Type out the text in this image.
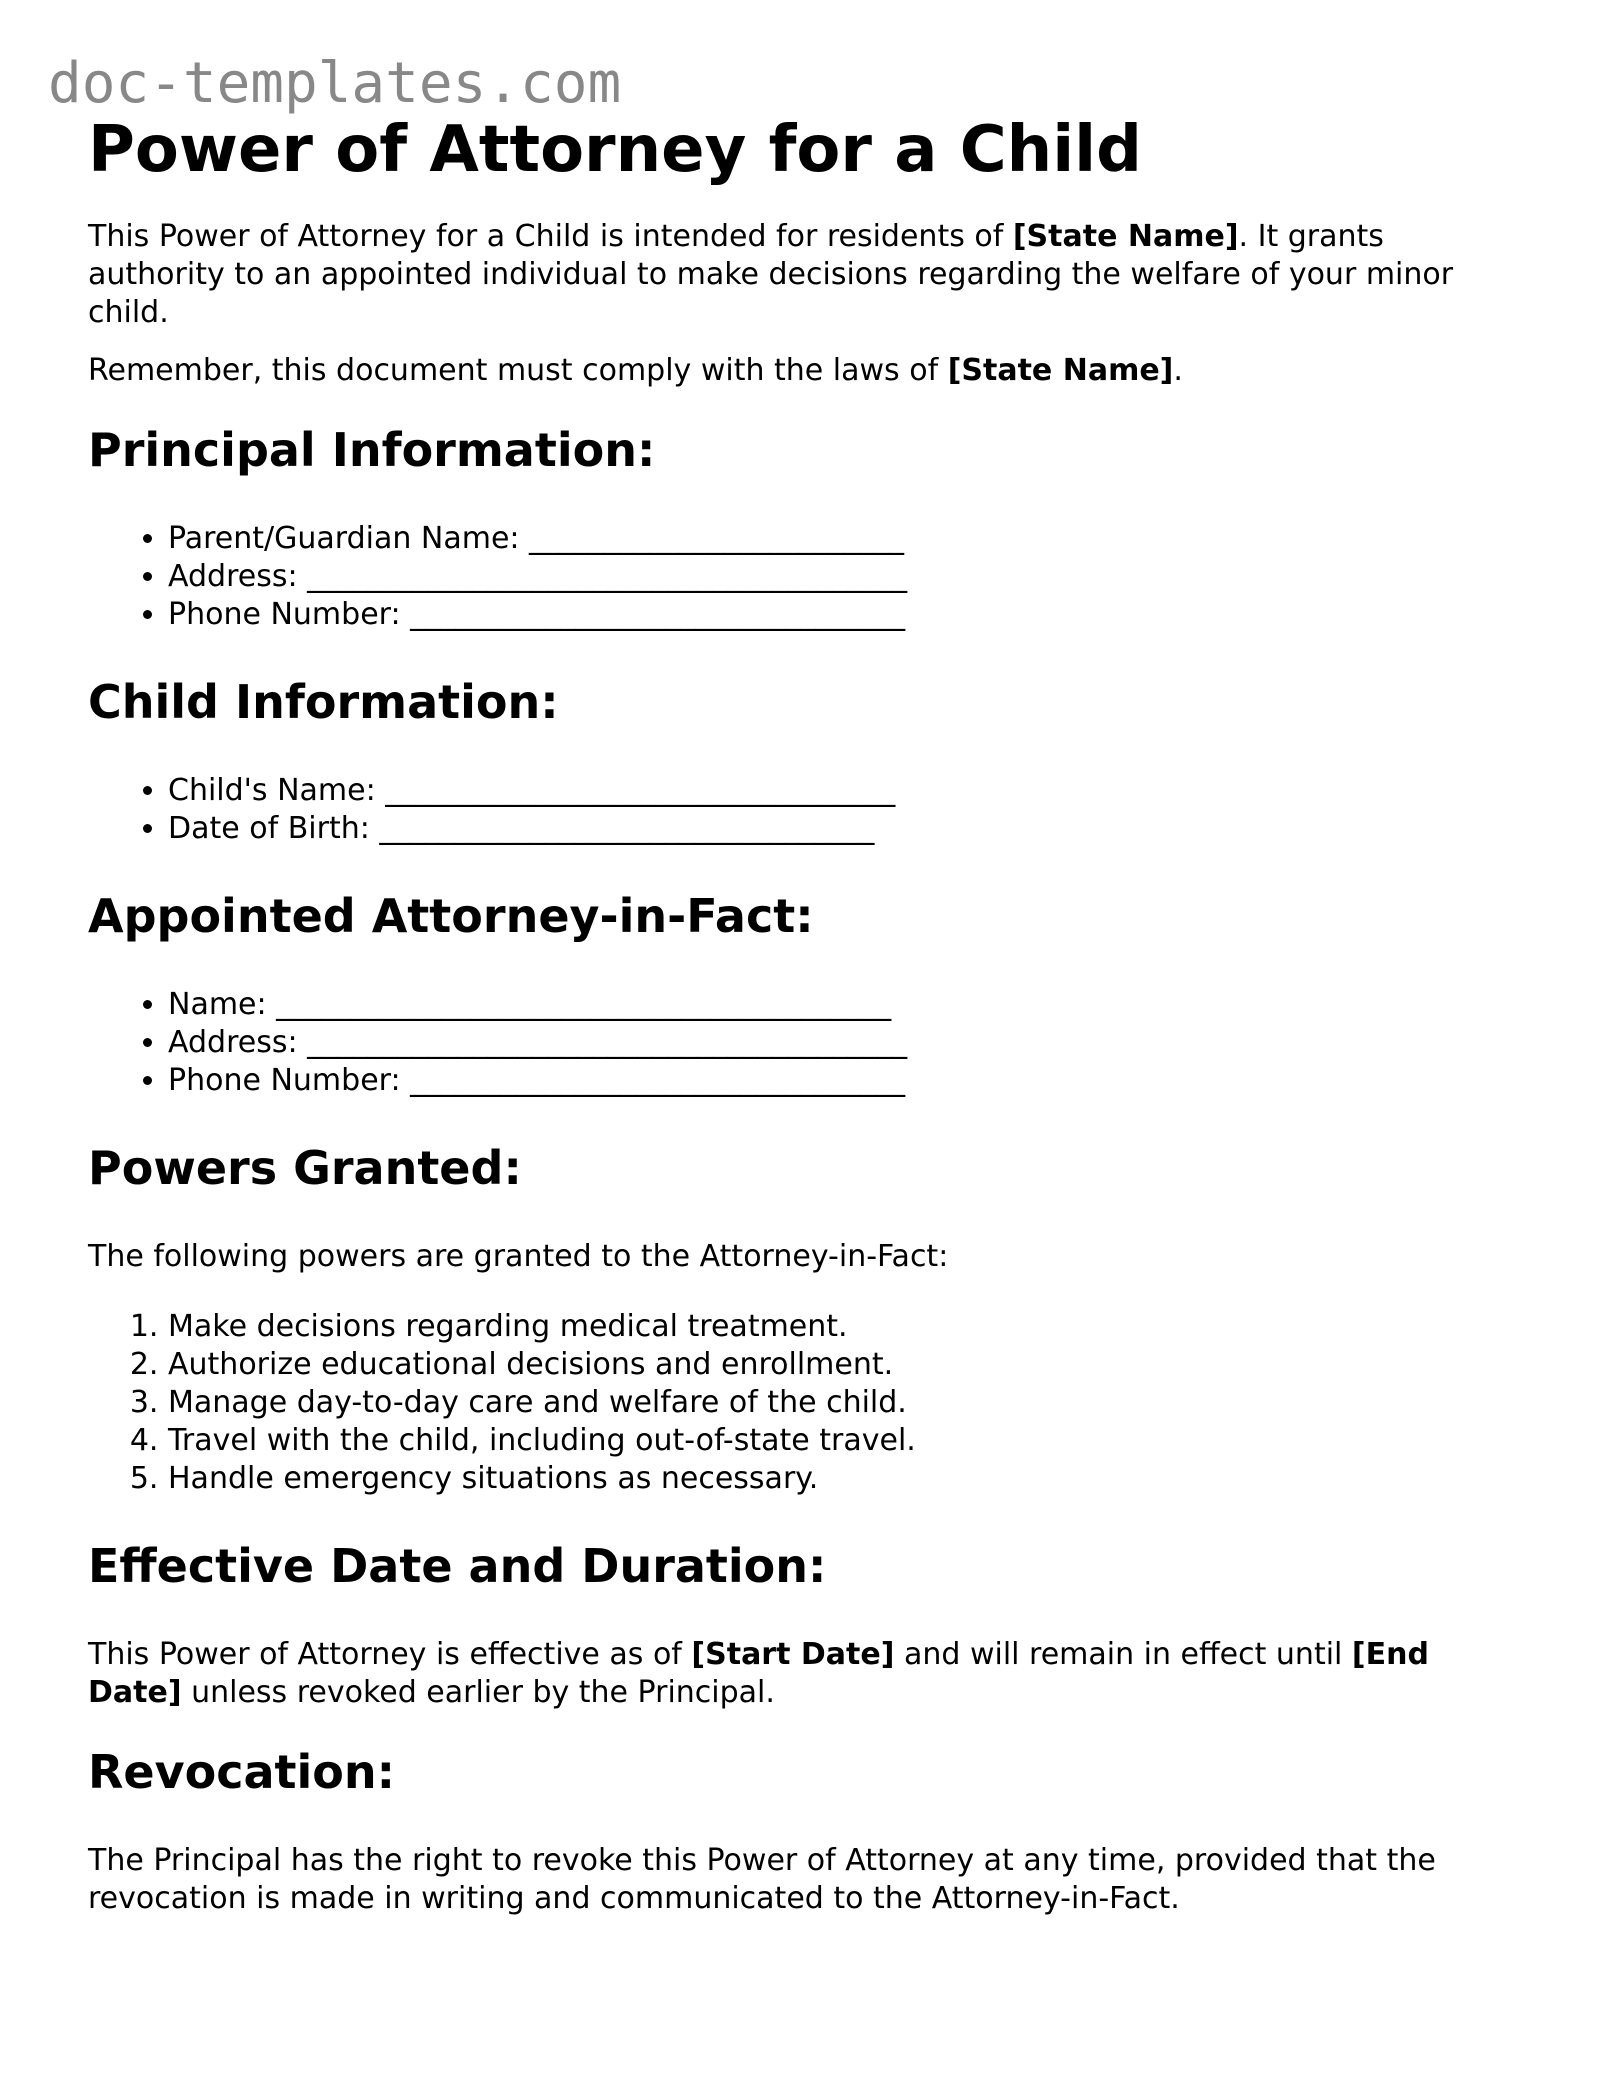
doc-templates.com
Power of Attorney for a Child

This Power of Attorney for a Child is intended for residents of [State Name]. It grants authority to an appointed individual to make decisions regarding the welfare of your minor child.

Remember, this document must comply with the laws of [State Name].

Principal Information:
• Parent/Guardian Name: _________________________
• Address: ________________________________________
• Phone Number: _________________________________
Child Information:
• Child's Name: __________________________________
• Date of Birth: _________________________________
Appointed Attorney-in-Fact:
• Name: _________________________________________
• Address: ________________________________________
• Phone Number: _________________________________
Powers Granted:

The following powers are granted to the Attorney-in-Fact:

1. Make decisions regarding medical treatment.
2. Authorize educational decisions and enrollment.
3. Manage day-to-day care and welfare of the child.
4. Travel with the child, including out-of-state travel.
5. Handle emergency situations as necessary.
Effective Date and Duration:

This Power of Attorney is effective as of [Start Date] and will remain in effect until [End Date] unless revoked earlier by the Principal.

Revocation:

The Principal has the right to revoke this Power of Attorney at any time, provided that the revocation is made in writing and communicated to the Attorney-in-Fact.
